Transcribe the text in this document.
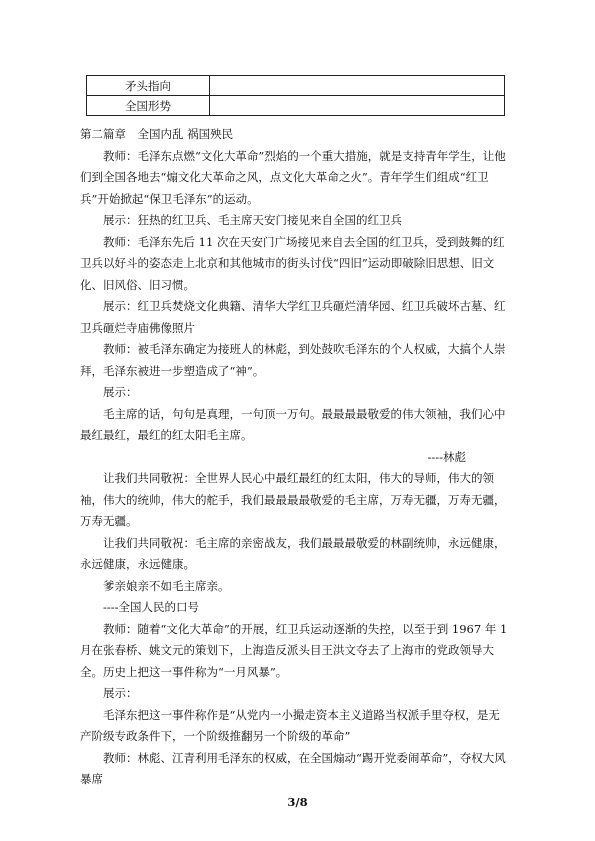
矛头指向	
全国形势	

第二篇章　全国内乱 祸国殃民

教师：毛泽东点燃“文化大革命”烈焰的一个重大措施，就是支持青年学生，让他们到全国各地去“煽文化大革命之风，点文化大革命之火”。青年学生们组成“红卫兵”开始掀起“保卫毛泽东”的运动。

展示：狂热的红卫兵、毛主席天安门接见来自全国的红卫兵

教师：毛泽东先后 11 次在天安门广场接见来自去全国的红卫兵，受到鼓舞的红卫兵以好斗的姿态走上北京和其他城市的街头讨伐“四旧”运动即破除旧思想、旧文化、旧风俗、旧习惯。

展示：红卫兵焚烧文化典籍、清华大学红卫兵砸烂清华园、红卫兵破坏古墓、红卫兵砸烂寺庙佛像照片

教师：被毛泽东确定为接班人的林彪，到处鼓吹毛泽东的个人权威，大搞个人崇拜，毛泽东被进一步塑造成了“神”。

展示：

毛主席的话，句句是真理，一句顶一万句。最最最最敬爱的伟大领袖，我们心中最红最红，最红的红太阳毛主席。

----林彪

让我们共同敬祝：全世界人民心中最红最红的红太阳，伟大的导师，伟大的领袖，伟大的统帅，伟大的舵手，我们最最最最敬爱的毛主席，万寿无疆，万寿无疆，万寿无疆。

让我们共同敬祝：毛主席的亲密战友，我们最最最敬爱的林副统帅，永远健康，永远健康，永远健康。

爹亲娘亲不如毛主席亲。

----全国人民的口号

教师：随着“文化大革命”的开展，红卫兵运动逐渐的失控，以至于到 1967 年 1 月在张春桥、姚文元的策划下，上海造反派头目王洪文夺去了上海市的党政领导大全。历史上把这一事件称为“一月风暴”。

展示：

毛泽东把这一事件称作是“从党内一小撮走资本主义道路当权派手里夺权，是无产阶级专政条件下，一个阶级推翻另一个阶级的革命”

教师：林彪、江青利用毛泽东的权威，在全国煽动“踢开党委闹革命”，夺权大风暴席

3/8
